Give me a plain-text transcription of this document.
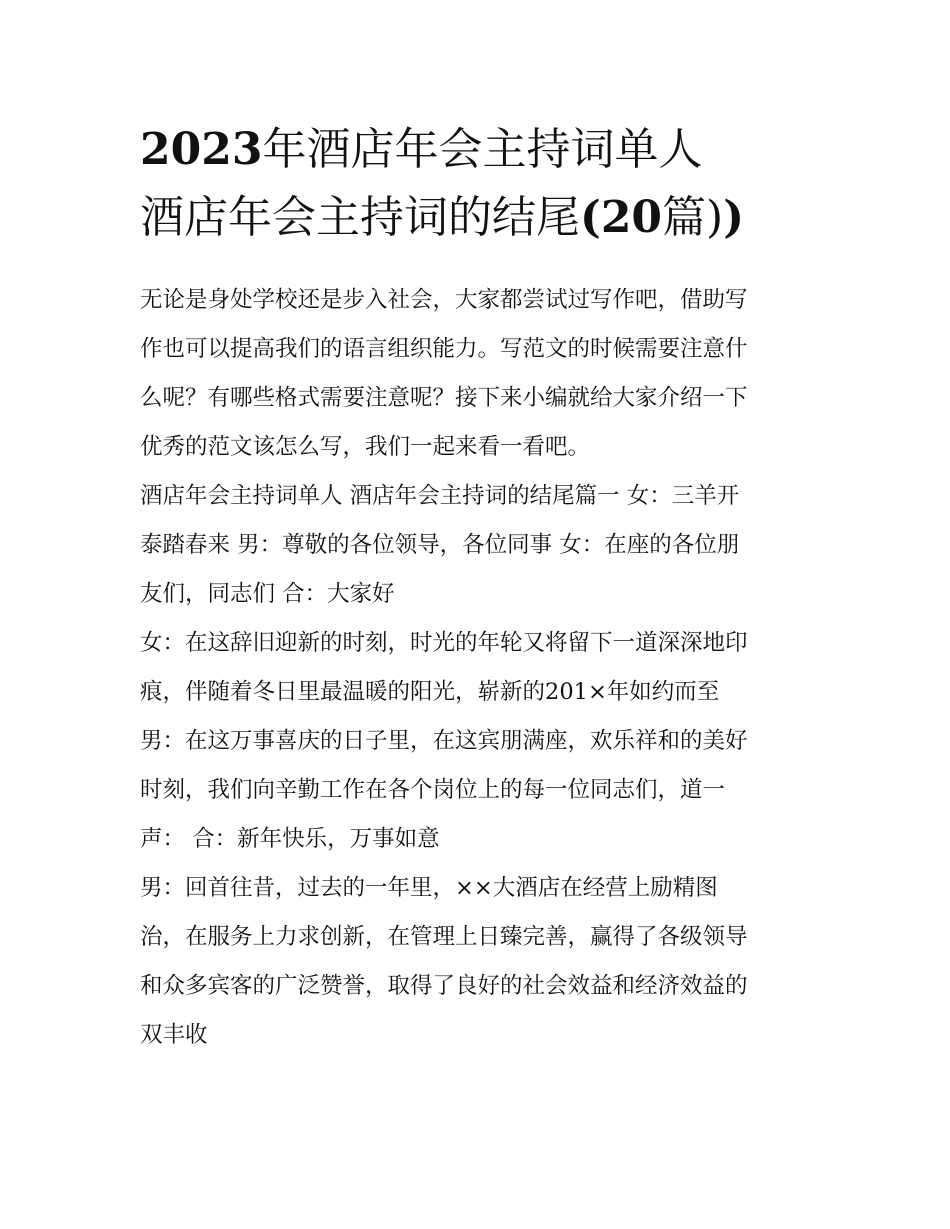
2023年酒店年会主持词单人
酒店年会主持词的结尾(20篇))

无论是身处学校还是步入社会，大家都尝试过写作吧，借助写
作也可以提高我们的语言组织能力。写范文的时候需要注意什
么呢？有哪些格式需要注意呢？接下来小编就给大家介绍一下
优秀的范文该怎么写，我们一起来看一看吧。

酒店年会主持词单人 酒店年会主持词的结尾篇一 女：三羊开
泰踏春来 男：尊敬的各位领导，各位同事 女：在座的各位朋
友们，同志们 合：大家好

女：在这辞旧迎新的时刻，时光的年轮又将留下一道深深地印
痕，伴随着冬日里最温暖的阳光，崭新的201×年如约而至

男：在这万事喜庆的日子里，在这宾朋满座，欢乐祥和的美好
时刻，我们向辛勤工作在各个岗位上的每一位同志们，道一
声： 合：新年快乐，万事如意

男：回首往昔，过去的一年里，××大酒店在经营上励精图
治，在服务上力求创新，在管理上日臻完善，赢得了各级领导
和众多宾客的广泛赞誉，取得了良好的社会效益和经济效益的
双丰收
